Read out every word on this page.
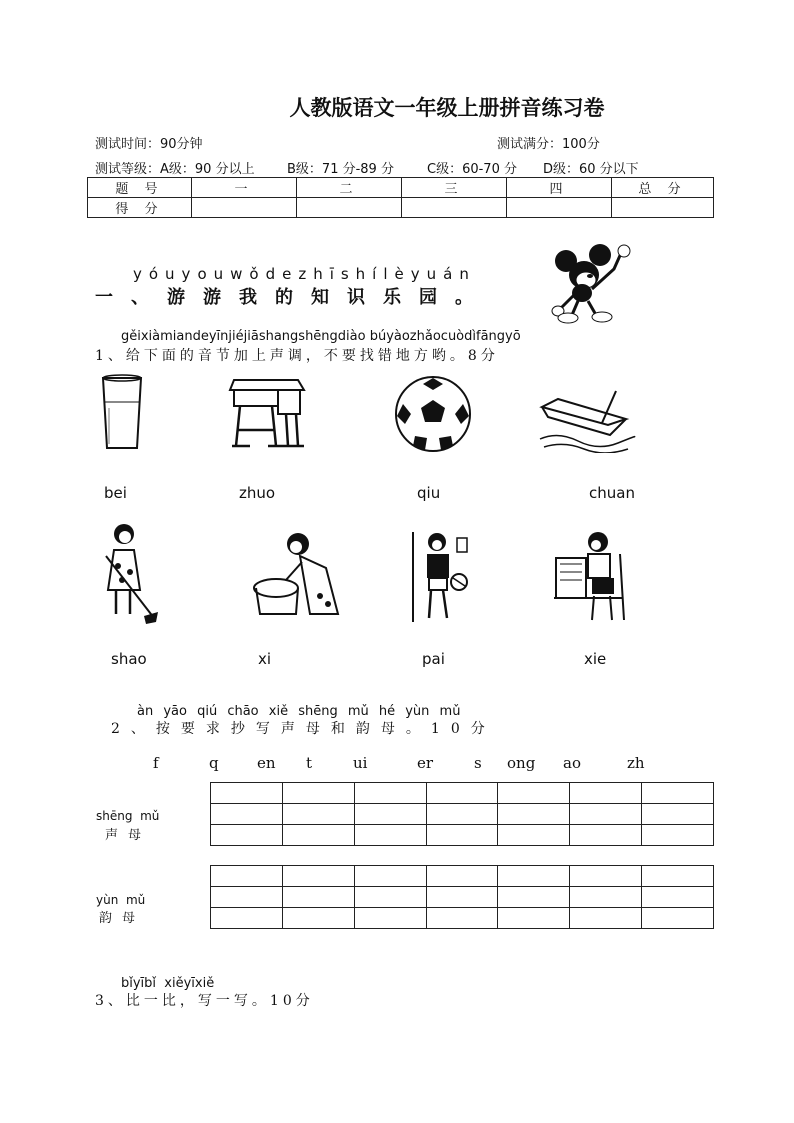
人教版语文一年级上册拼音练习卷
测试时间：90分钟	测试满分：100分
测试等级：A级：90 分以上 B级：71 分-89 分	C级：60-70 分 D级：60 分以下
题 号	一	二	三	四	总 分
得 分					
yóuyouwǒdezhīshílèyuán
一、游游我的知识乐园。
gěixiàmiandeyīnjiéjiāshangshēngdiào búyàozhǎocuòdìfāngyō
1、给下面的音节加上声调，不要找错地方哟。8分
bei	zhuo	qiu	chuan
shao	xi	pai	xie
àn yāo qiú chāo xiě shēng mǔ hé yùn mǔ
2、按要求抄写声母和韵母。10分
f	q	en t	ui	er	s ong ao	zh
shēng  mǔ
声母

yùn  mǔ
韵母

bǐyībǐ  xiěyīxiě
3、比一比，写一写。10分
